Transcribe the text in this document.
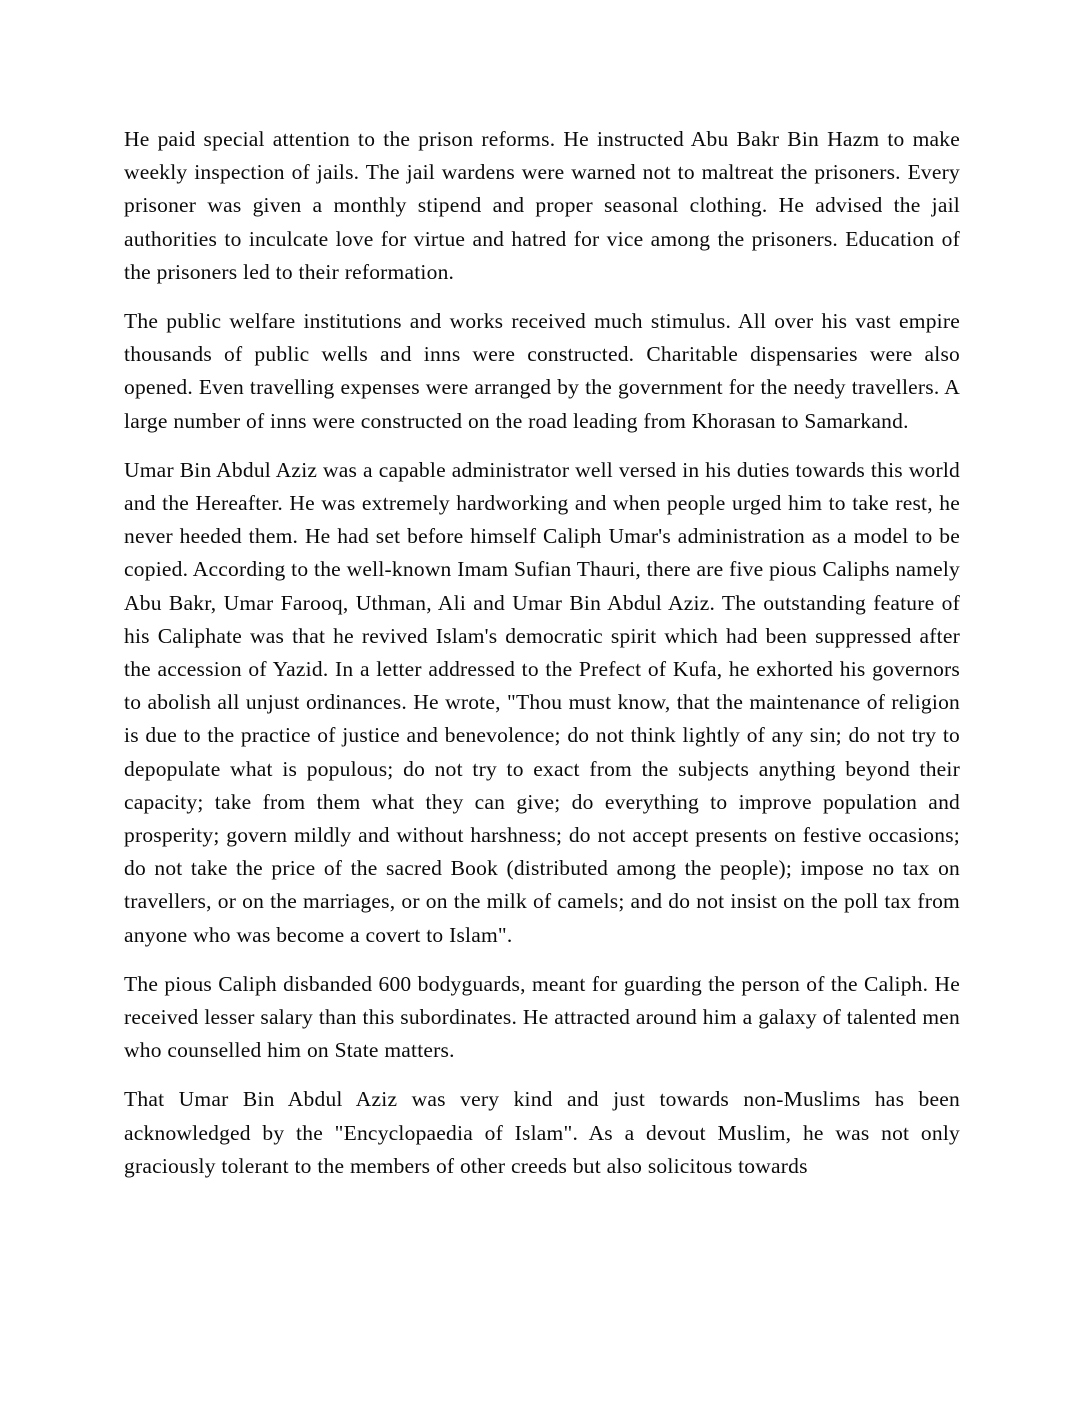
He paid special attention to the prison reforms. He instructed Abu Bakr Bin Hazm to make weekly inspection of jails. The jail wardens were warned not to maltreat the prisoners. Every prisoner was given a monthly stipend and proper seasonal clothing. He advised the jail authorities to inculcate love for virtue and hatred for vice among the prisoners. Education of the prisoners led to their reformation.

The public welfare institutions and works received much stimulus. All over his vast empire thousands of public wells and inns were constructed. Charitable dispensaries were also opened. Even travelling expenses were arranged by the government for the needy travellers. A large number of inns were constructed on the road leading from Khorasan to Samarkand.

Umar Bin Abdul Aziz was a capable administrator well versed in his duties towards this world and the Hereafter. He was extremely hardworking and when people urged him to take rest, he never heeded them. He had set before himself Caliph Umar's administration as a model to be copied. According to the well-known Imam Sufian Thauri, there are five pious Caliphs namely Abu Bakr, Umar Farooq, Uthman, Ali and Umar Bin Abdul Aziz. The outstanding feature of his Caliphate was that he revived Islam's democratic spirit which had been suppressed after the accession of Yazid. In a letter addressed to the Prefect of Kufa, he exhorted his governors to abolish all unjust ordinances. He wrote, "Thou must know, that the maintenance of religion is due to the practice of justice and benevolence; do not think lightly of any sin; do not try to depopulate what is populous; do not try to exact from the subjects anything beyond their capacity; take from them what they can give; do everything to improve population and prosperity; govern mildly and without harshness; do not accept presents on festive occasions; do not take the price of the sacred Book (distributed among the people); impose no tax on travellers, or on the marriages, or on the milk of camels; and do not insist on the poll tax from anyone who was become a covert to Islam".

The pious Caliph disbanded 600 bodyguards, meant for guarding the person of the Caliph. He received lesser salary than this subordinates. He attracted around him a galaxy of talented men who counselled him on State matters.

That Umar Bin Abdul Aziz was very kind and just towards non-Muslims has been acknowledged by the "Encyclopaedia of Islam". As a devout Muslim, he was not only graciously tolerant to the members of other creeds but also solicitous towards
